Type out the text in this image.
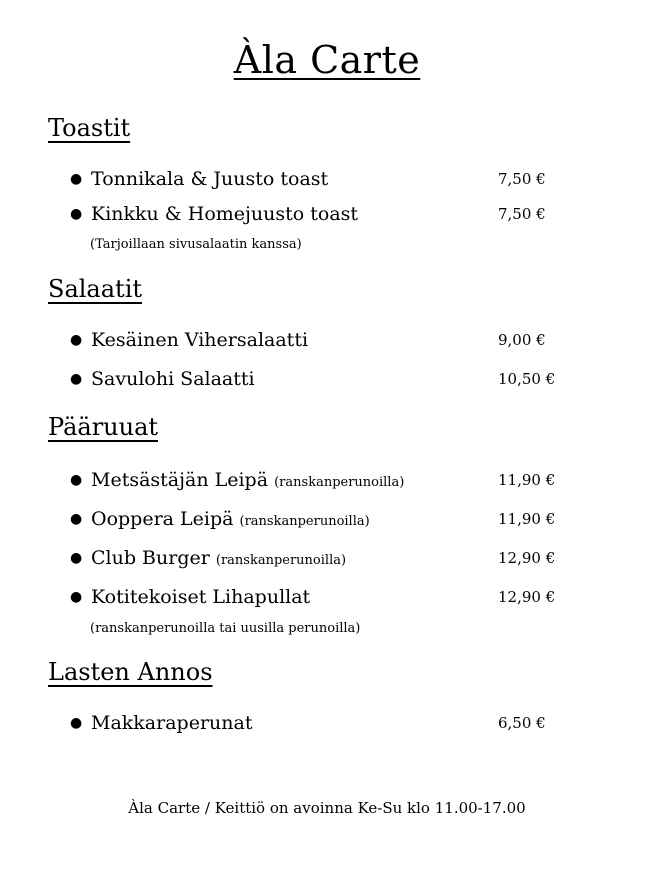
Àla Carte
Toastit
● Tonnikala & Juusto toast	7,50 €
● Kinkku & Homejuusto toast	7,50 €
(Tarjoillaan sivusalaatin kanssa)
Salaatit
● Kesäinen Vihersalaatti	9,00 €
● Savulohi Salaatti	10,50 €
Pääruuat
● Metsästäjän Leipä (ranskanperunoilla)	11,90 €
● Ooppera Leipä (ranskanperunoilla)	11,90 €
● Club Burger (ranskanperunoilla)	12,90 €
● Kotitekoiset Lihapullat	12,90 €
(ranskanperunoilla tai uusilla perunoilla)
Lasten Annos
● Makkaraperunat	6,50 €
Àla Carte / Keittiö on avoinna Ke-Su klo 11.00-17.00
